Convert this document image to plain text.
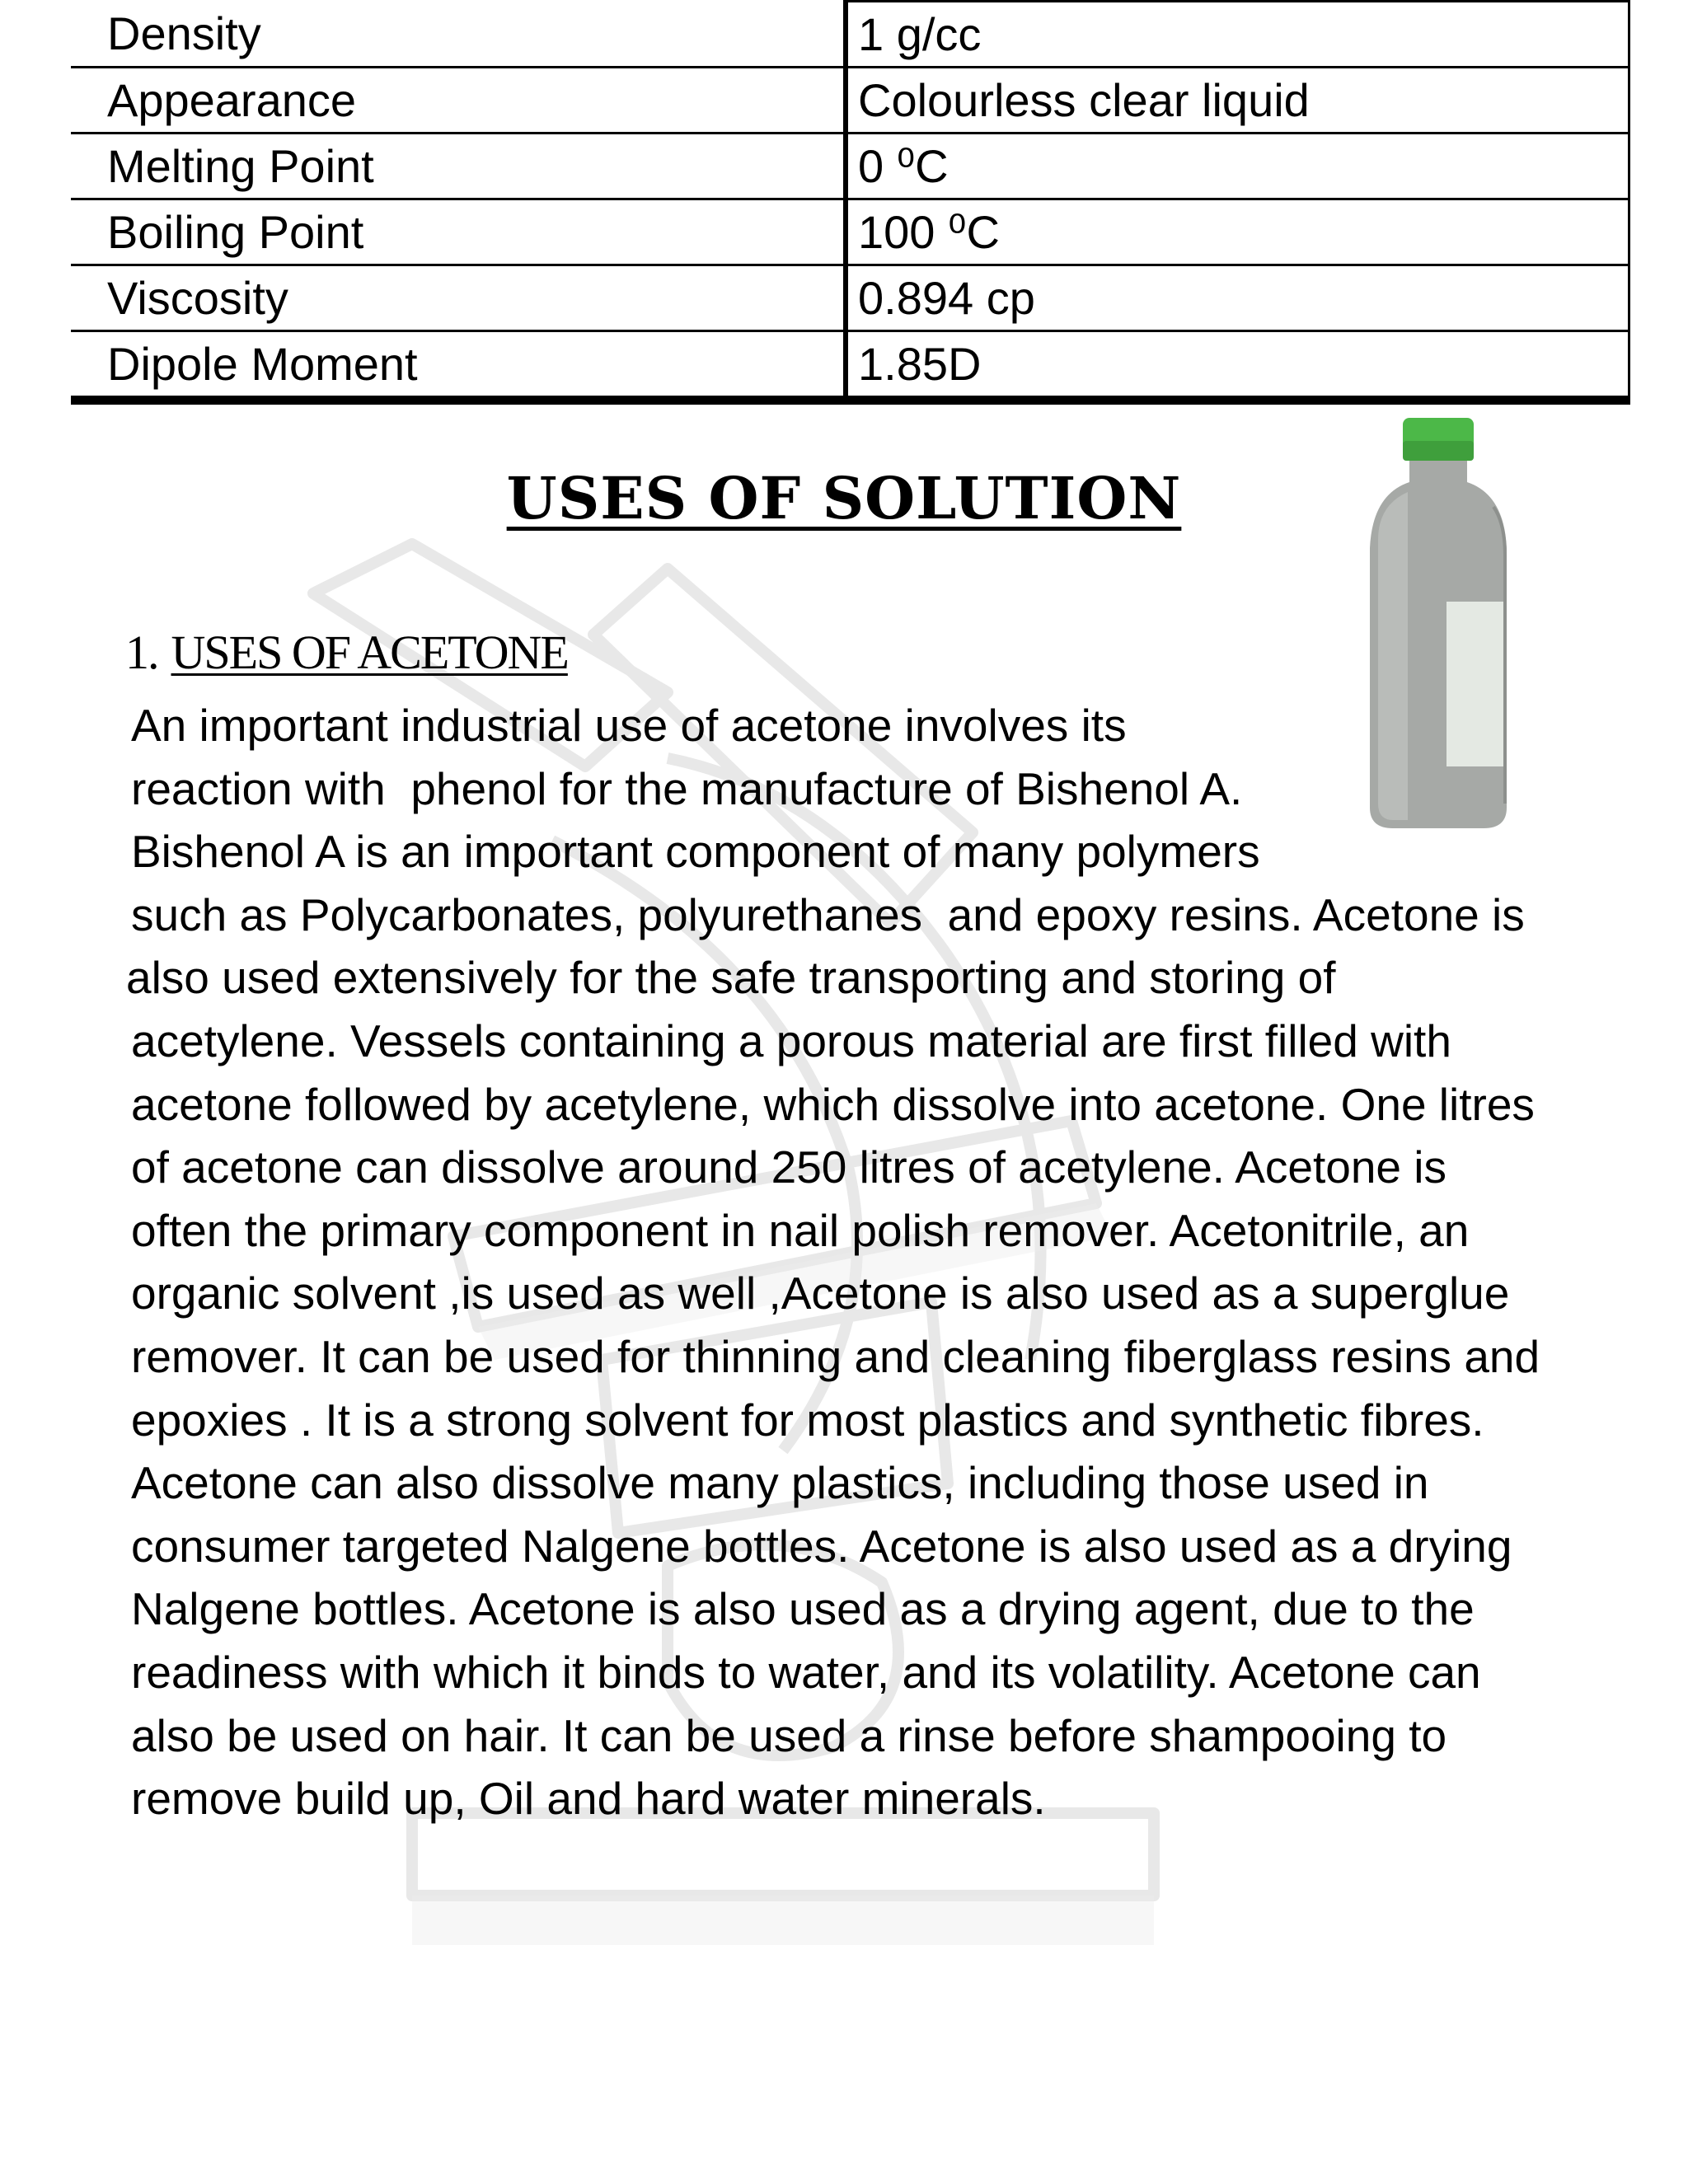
Density	1 g/cc
Appearance	Colourless clear liquid
Melting Point	0 ⁰C
Boiling Point	100 ⁰C
Viscosity	0.894 cp
Dipole Moment	1.85D
USES OF SOLUTION
1. USES OF ACETONE
An important industrial use of acetone involves its
reaction with  phenol for the manufacture of Bishenol A.
Bishenol A is an important component of many polymers
such as Polycarbonates, polyurethanes  and epoxy resins. Acetone is
also used extensively for the safe transporting and storing of
acetylene. Vessels containing a porous material are first filled with
acetone followed by acetylene, which dissolve into acetone. One litres
of acetone can dissolve around 250 litres of acetylene. Acetone is
often the primary component in nail polish remover. Acetonitrile, an
organic solvent ,is used as well ,Acetone is also used as a superglue
remover. It can be used for thinning and cleaning fiberglass resins and
epoxies . It is a strong solvent for most plastics and synthetic fibres.
Acetone can also dissolve many plastics, including those used in
consumer targeted Nalgene bottles. Acetone is also used as a drying
Nalgene bottles. Acetone is also used as a drying agent, due to the
readiness with which it binds to water, and its volatility. Acetone can
also be used on hair. It can be used a rinse before shampooing to
remove build up, Oil and hard water minerals.
